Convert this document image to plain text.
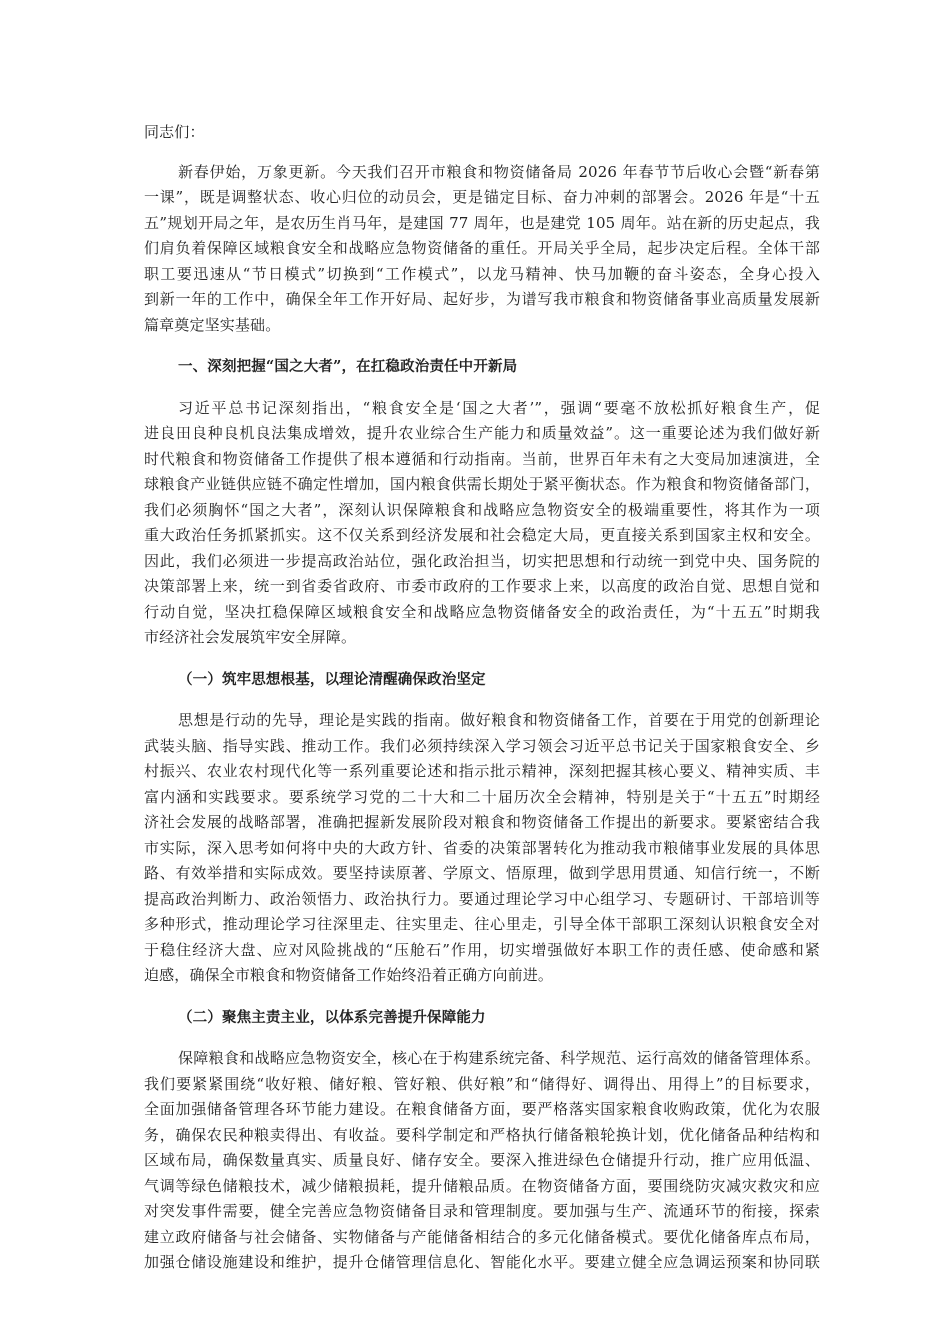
同志们：

新春伊始，万象更新。今天我们召开市粮食和物资储备局 2026 年春节节后收心会暨“新春第

一课”，既是调整状态、收心归位的动员会，更是锚定目标、奋力冲刺的部署会。2026 年是“十五

五”规划开局之年，是农历生肖马年，是建国 77 周年，也是建党 105 周年。站在新的历史起点，我

们肩负着保障区域粮食安全和战略应急物资储备的重任。开局关乎全局，起步决定后程。全体干部

职工要迅速从“节日模式”切换到“工作模式”，以龙马精神、快马加鞭的奋斗姿态，全身心投入

到新一年的工作中，确保全年工作开好局、起好步，为谱写我市粮食和物资储备事业高质量发展新

篇章奠定坚实基础。

一、深刻把握“国之大者”，在扛稳政治责任中开新局

习近平总书记深刻指出，“粮食安全是‘国之大者’”，强调“要毫不放松抓好粮食生产，促

进良田良种良机良法集成增效，提升农业综合生产能力和质量效益”。这一重要论述为我们做好新

时代粮食和物资储备工作提供了根本遵循和行动指南。当前，世界百年未有之大变局加速演进，全

球粮食产业链供应链不确定性增加，国内粮食供需长期处于紧平衡状态。作为粮食和物资储备部门，

我们必须胸怀“国之大者”，深刻认识保障粮食和战略应急物资安全的极端重要性，将其作为一项

重大政治任务抓紧抓实。这不仅关系到经济发展和社会稳定大局，更直接关系到国家主权和安全。

因此，我们必须进一步提高政治站位，强化政治担当，切实把思想和行动统一到党中央、国务院的

决策部署上来，统一到省委省政府、市委市政府的工作要求上来，以高度的政治自觉、思想自觉和

行动自觉，坚决扛稳保障区域粮食安全和战略应急物资储备安全的政治责任，为“十五五”时期我

市经济社会发展筑牢安全屏障。

（一）筑牢思想根基，以理论清醒确保政治坚定

思想是行动的先导，理论是实践的指南。做好粮食和物资储备工作，首要在于用党的创新理论

武装头脑、指导实践、推动工作。我们必须持续深入学习领会习近平总书记关于国家粮食安全、乡

村振兴、农业农村现代化等一系列重要论述和指示批示精神，深刻把握其核心要义、精神实质、丰

富内涵和实践要求。要系统学习党的二十大和二十届历次全会精神，特别是关于“十五五”时期经

济社会发展的战略部署，准确把握新发展阶段对粮食和物资储备工作提出的新要求。要紧密结合我

市实际，深入思考如何将中央的大政方针、省委的决策部署转化为推动我市粮储事业发展的具体思

路、有效举措和实际成效。要坚持读原著、学原文、悟原理，做到学思用贯通、知信行统一，不断

提高政治判断力、政治领悟力、政治执行力。要通过理论学习中心组学习、专题研讨、干部培训等

多种形式，推动理论学习往深里走、往实里走、往心里走，引导全体干部职工深刻认识粮食安全对

于稳住经济大盘、应对风险挑战的“压舱石”作用，切实增强做好本职工作的责任感、使命感和紧

迫感，确保全市粮食和物资储备工作始终沿着正确方向前进。

（二）聚焦主责主业，以体系完善提升保障能力

保障粮食和战略应急物资安全，核心在于构建系统完备、科学规范、运行高效的储备管理体系。

我们要紧紧围绕“收好粮、储好粮、管好粮、供好粮”和“储得好、调得出、用得上”的目标要求，

全面加强储备管理各环节能力建设。在粮食储备方面，要严格落实国家粮食收购政策，优化为农服

务，确保农民种粮卖得出、有收益。要科学制定和严格执行储备粮轮换计划，优化储备品种结构和

区域布局，确保数量真实、质量良好、储存安全。要深入推进绿色仓储提升行动，推广应用低温、

气调等绿色储粮技术，减少储粮损耗，提升储粮品质。在物资储备方面，要围绕防灾减灾救灾和应

对突发事件需要，健全完善应急物资储备目录和管理制度。要加强与生产、流通环节的衔接，探索

建立政府储备与社会储备、实物储备与产能储备相结合的多元化储备模式。要优化储备库点布局，

加强仓储设施建设和维护，提升仓储管理信息化、智能化水平。要建立健全应急调运预案和协同联
